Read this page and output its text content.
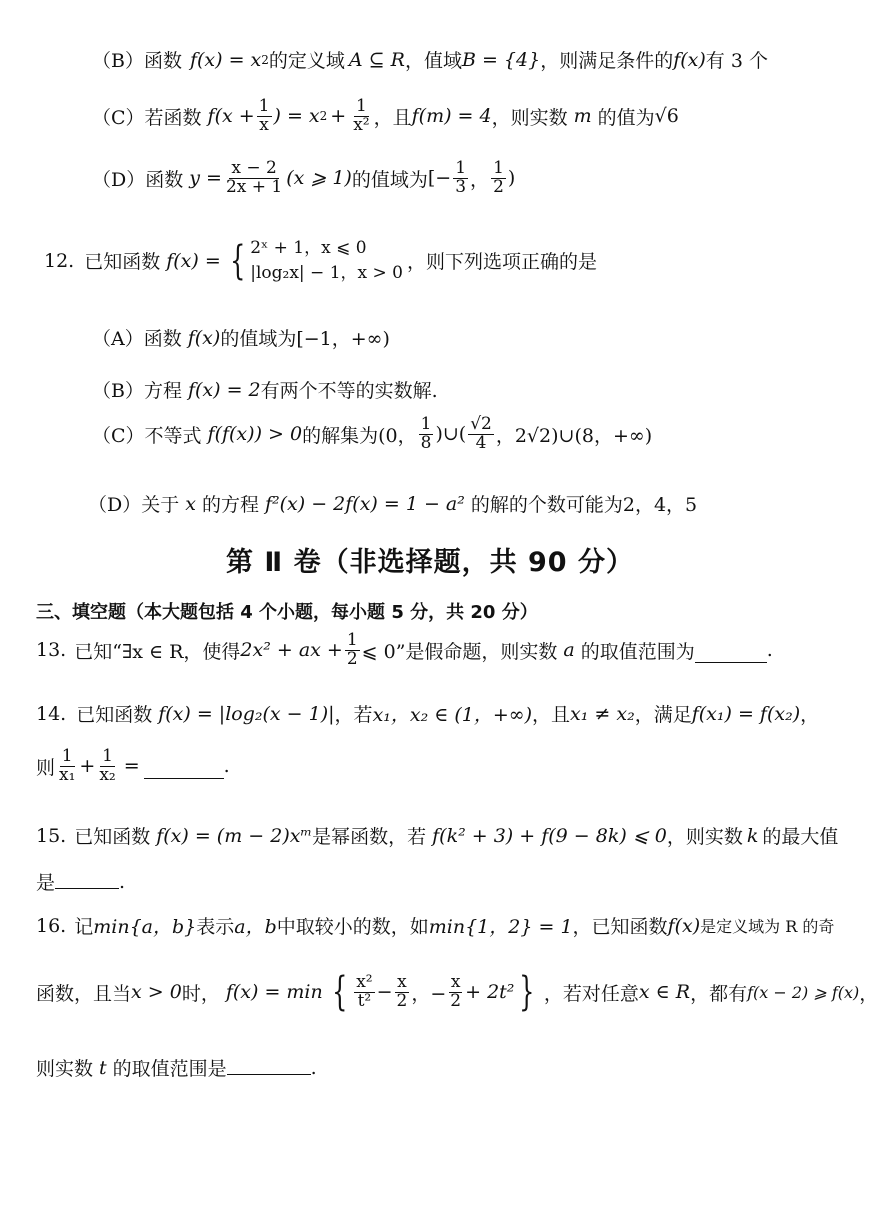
（B）函数 f(x) = x 2 的定义域 A ⊆ R ，值域 B = {4} ，则满足条件的 f(x) 有 3 个
（C）若函数 $f(x + \frac{1}{x}$ ) = x $2 + \frac{1}{\text{x²}}$ ，且 f(m) = 4 ，则实数 m 的值为 √6
（D）函数 $y = \frac{x - 2}{2x + 1} (x$ ⩾ 1) 的值域为 [− $\frac{1}{3}$ ， $\frac{1}{2}$ )
12. 已知函数 f(x) = { 2ˣ + 1，x ⩽ 0
|log₂x| − 1，x > 0 ，则下列选项正确的是
（A）函数 f(x) 的值域为 [−1，+∞)
（B）方程 f(x) = 2 有两个不等的实数解.
（C）不等式 f(f(x)) > 0 的解集为 (0， $\frac{1}{8}$ )∪( $\frac{√2}{4}$ ，2√2)∪(8，+∞)
（D）关于 x 的方程 f²(x) − 2f(x) = 1 − a² 的解的个数可能为2，4，5
第 Ⅱ 卷（非选择题，共 90 分）
三、填空题（本大题包括 4 个小题，每小题 5 分，共 20 分）
13. 已知“∃x ∈ R，使得 2x² + ax + $\frac{1}{2}$ ⩽ 0”是假命题，则实数 a 的取值范围为	.
14. 已知函数 f(x) = |log₂(x − 1)| ，若 x₁，x₂ ∈ (1，+∞) ，且 x₁ ≠ x₂ ，满足 f(x₁) = f(x₂) ，
则 $\frac{1}{\text{x₁}} + \frac{1}{\text{x₂}}$ =	.
15. 已知函数 f(x) = (m − 2)xᵐ 是幂函数，若 f(k² + 3) + f(9 − 8k) ⩽ 0 ，则实数 k 的最大值
是	.
16. 记 min{a，b} 表示 a，b 中取较小的数，如 min{1，2} = 1 ，已知函数 f(x) 是定义域为 R 的奇
函数，且当 x > 0 时， f(x) = min { $\frac{\text{x²}}{\text{t²}} - \frac{x}{2}$ ，− $\frac{x}{2} + 2t^2$ } ，若对任意 x ∈ R ，都有 f(x − 2) ⩾ f(x) ，
则实数 t 的取值范围是	.
